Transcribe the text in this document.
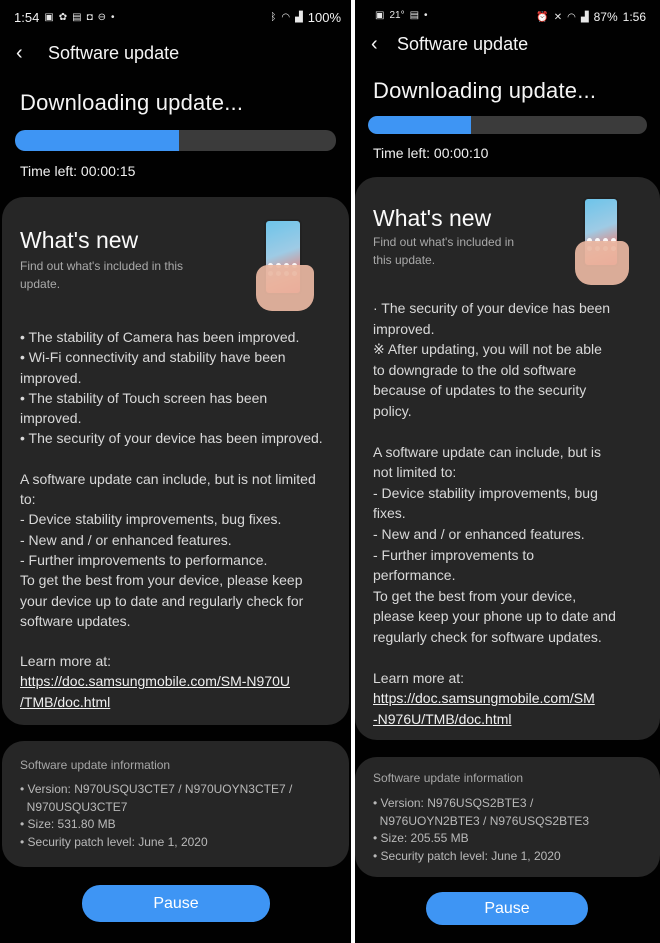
1:54 ▣ ✿ ▤ ◘ ⊖ •	ᛒ ◠ ▟ 100%
‹	Software update
Downloading update...
Time left: 00:00:15
What's new
Find out what's included in this
update.

• The stability of Camera has been improved.

• Wi-Fi connectivity and stability have been

improved.

• The stability of Touch screen has been

improved.

• The security of your device has been improved.

A software update can include, but is not limited

to:

- Device stability improvements, bug fixes.

- New and / or enhanced features.

- Further improvements to performance.

To get the best from your device, please keep

your device up to date and regularly check for

software updates.

Learn more at:

https://doc.samsungmobile.com/SM-N970U

/TMB/doc.html

Software update information

• Version: N970USQU3CTE7 / N970UOYN3CTE7 /

N970USQU3CTE7

• Size: 531.80 MB

• Security patch level: June 1, 2020

Pause
▣ 21° ▤ •	⏰ ✕ ◠ ▟ 87% 1:56
‹	Software update
Downloading update...
Time left: 00:00:10
What's new
Find out what's included in
this update.

· The security of your device has been

improved.

※ After updating, you will not be able

to downgrade to the old software

because of updates to the security

policy.

A software update can include, but is

not limited to:

- Device stability improvements, bug

fixes.

- New and / or enhanced features.

- Further improvements to

performance.

To get the best from your device,

please keep your phone up to date and

regularly check for software updates.

Learn more at:

https://doc.samsungmobile.com/SM

-N976U/TMB/doc.html

Software update information

• Version: N976USQS2BTE3 /

N976UOYN2BTE3 / N976USQS2BTE3

• Size: 205.55 MB

• Security patch level: June 1, 2020

Pause
